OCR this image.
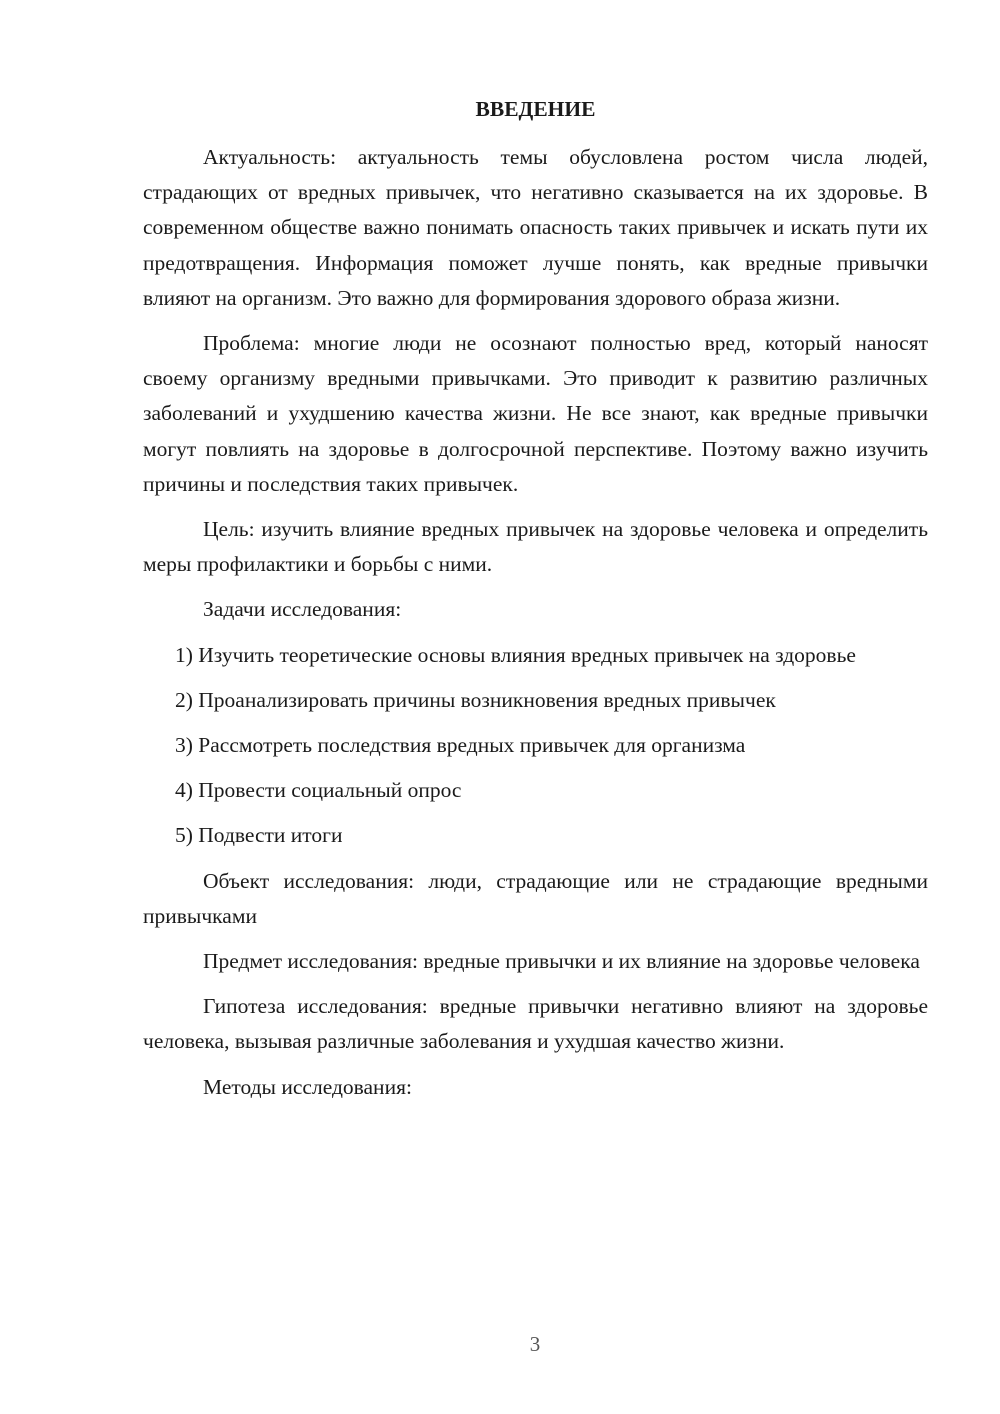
ВВЕДЕНИЕ

Актуальность: актуальность темы обусловлена ростом числа людей, страдающих от вредных привычек, что негативно сказывается на их здоровье. В современном обществе важно понимать опасность таких привычек и искать пути их предотвращения. Информация поможет лучше понять, как вредные привычки влияют на организм. Это важно для формирования здорового образа жизни.

Проблема: многие люди не осознают полностью вред, который наносят своему организму вредными привычками. Это приводит к развитию различных заболеваний и ухудшению качества жизни. Не все знают, как вредные привычки могут повлиять на здоровье в долгосрочной перспективе. Поэтому важно изучить причины и последствия таких привычек.

Цель: изучить влияние вредных привычек на здоровье человека и определить меры профилактики и борьбы с ними.

Задачи исследования:

1) Изучить теоретические основы влияния вредных привычек на здоровье

2) Проанализировать причины возникновения вредных привычек

3) Рассмотреть последствия вредных привычек для организма

4) Провести социальный опрос

5) Подвести итоги

Объект исследования: люди, страдающие или не страдающие вредными привычками

Предмет исследования: вредные привычки и их влияние на здоровье человека

Гипотеза исследования: вредные привычки негативно влияют на здоровье человека, вызывая различные заболевания и ухудшая качество жизни.

Методы исследования:

3
